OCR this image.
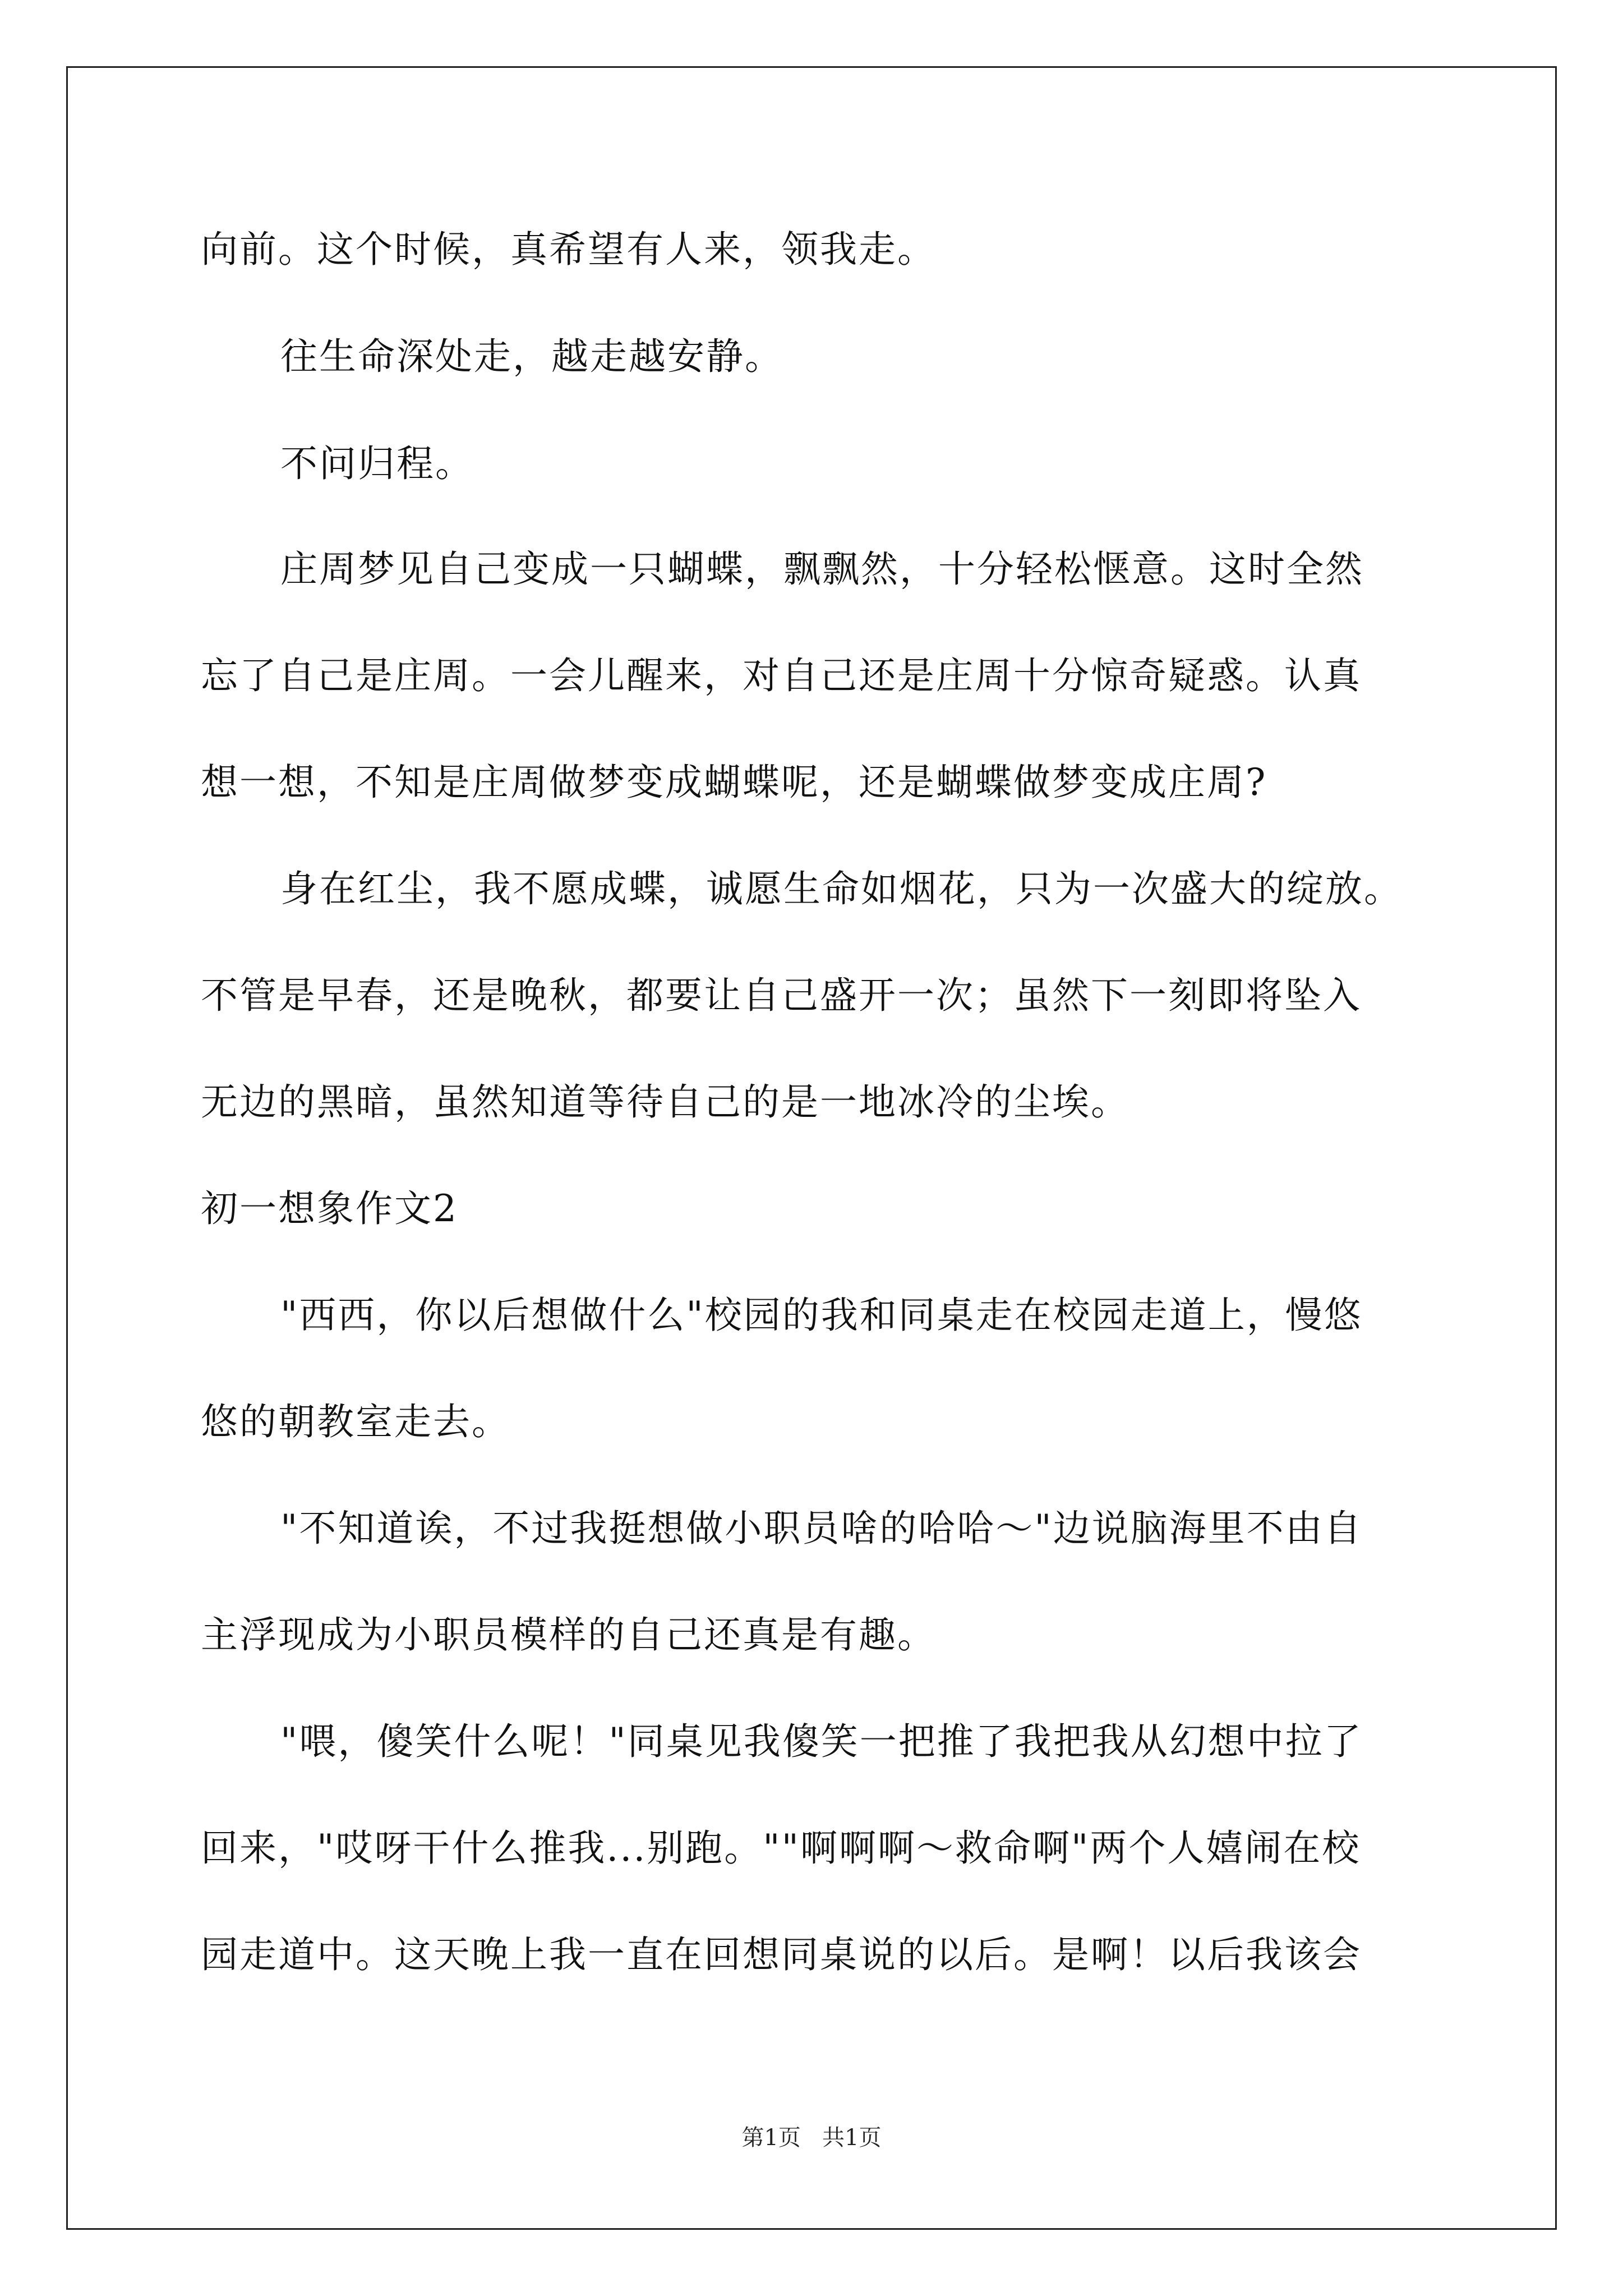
向前。这个时候，真希望有人来，领我走。
往生命深处走，越走越安静。
不问归程。
庄周梦见自己变成一只蝴蝶，飘飘然，十分轻松惬意。这时全然
忘了自己是庄周。一会儿醒来，对自己还是庄周十分惊奇疑惑。认真
想一想，不知是庄周做梦变成蝴蝶呢，还是蝴蝶做梦变成庄周?
身在红尘，我不愿成蝶，诚愿生命如烟花，只为一次盛大的绽放。
不管是早春，还是晚秋，都要让自己盛开一次；虽然下一刻即将坠入
无边的黑暗，虽然知道等待自己的是一地冰冷的尘埃。
初一想象作文2
"西西，你以后想做什么"校园的我和同桌走在校园走道上，慢悠
悠的朝教室走去。
"不知道诶，不过我挺想做小职员啥的哈哈～"边说脑海里不由自
主浮现成为小职员模样的自己还真是有趣。
"喂，傻笑什么呢！"同桌见我傻笑一把推了我把我从幻想中拉了
回来，"哎呀干什么推我...别跑。""啊啊啊～救命啊"两个人嬉闹在校
园走道中。这天晚上我一直在回想同桌说的以后。是啊！以后我该会
第1页   共1页
